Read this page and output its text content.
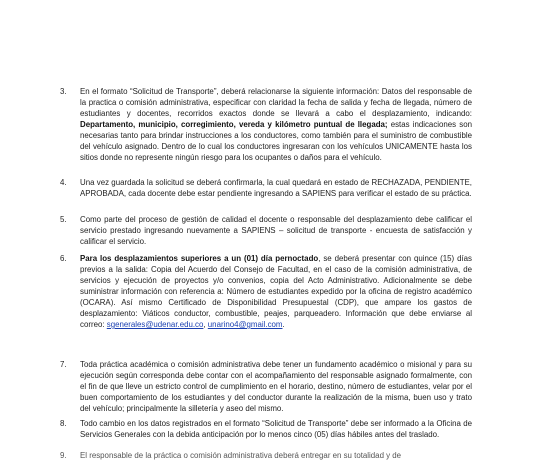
3. En el formato “Solicitud de Transporte”, deberá relacionarse la siguiente información: Datos del responsable de la practica o comisión administrativa, especificar con claridad la fecha de salida y fecha de llegada, número de estudiantes y docentes, recorridos exactos donde se llevará a cabo el desplazamiento, indicando: Departamento, municipio, corregimiento, vereda y kilómetro puntual de llegada; estas indicaciones son necesarias tanto para brindar instrucciones a los conductores, como también para el suministro de combustible del vehículo asignado. Dentro de lo cual los conductores ingresaran con los vehículos UNICAMENTE hasta los sitios donde no represente ningún riesgo para los ocupantes o daños para el vehículo.

4. Una vez guardada la solicitud se deberá confirmarla, la cual quedará en estado de RECHAZADA, PENDIENTE, APROBADA, cada docente debe estar pendiente ingresando a SAPIENS para verificar el estado de su práctica.

5. Como parte del proceso de gestión de calidad el docente o responsable del desplazamiento debe calificar el servicio prestado ingresando nuevamente a SAPIENS – solicitud de transporte - encuesta de satisfacción y calificar el servicio.

6. Para los desplazamientos superiores a un (01) día pernoctado, se deberá presentar con quince (15) días previos a la salida: Copia del Acuerdo del Consejo de Facultad, en el caso de la comisión administrativa, de servicios y ejecución de proyectos y/o convenios, copia del Acto Administrativo. Adicionalmente se debe suministrar información con referencia a: Número de estudiantes expedido por la oficina de registro académico (OCARA). Así mismo Certificado de Disponibilidad Presupuestal (CDP), que ampare los gastos de desplazamiento: Viáticos conductor, combustible, peajes, parqueadero. Información que debe enviarse al correo: sgenerales@udenar.edu.co, unarino4@gmail.com.

7. Toda práctica académica o comisión administrativa debe tener un fundamento académico o misional y para su ejecución según corresponda debe contar con el acompañamiento del responsable asignado formalmente, con el fin de que lleve un estricto control de cumplimiento en el horario, destino, número de estudiantes, velar por el buen comportamiento de los estudiantes y del conductor durante la realización de la misma, buen uso y trato del vehículo; principalmente la silletería y aseo del mismo.

8. Todo cambio en los datos registrados en el formato “Solicitud de Transporte” debe ser informado a la Oficina de Servicios Generales con la debida anticipación por lo menos cinco (05) días hábiles antes del traslado.

9. El responsable de la práctica o comisión administrativa deberá entregar en su totalidad y de
